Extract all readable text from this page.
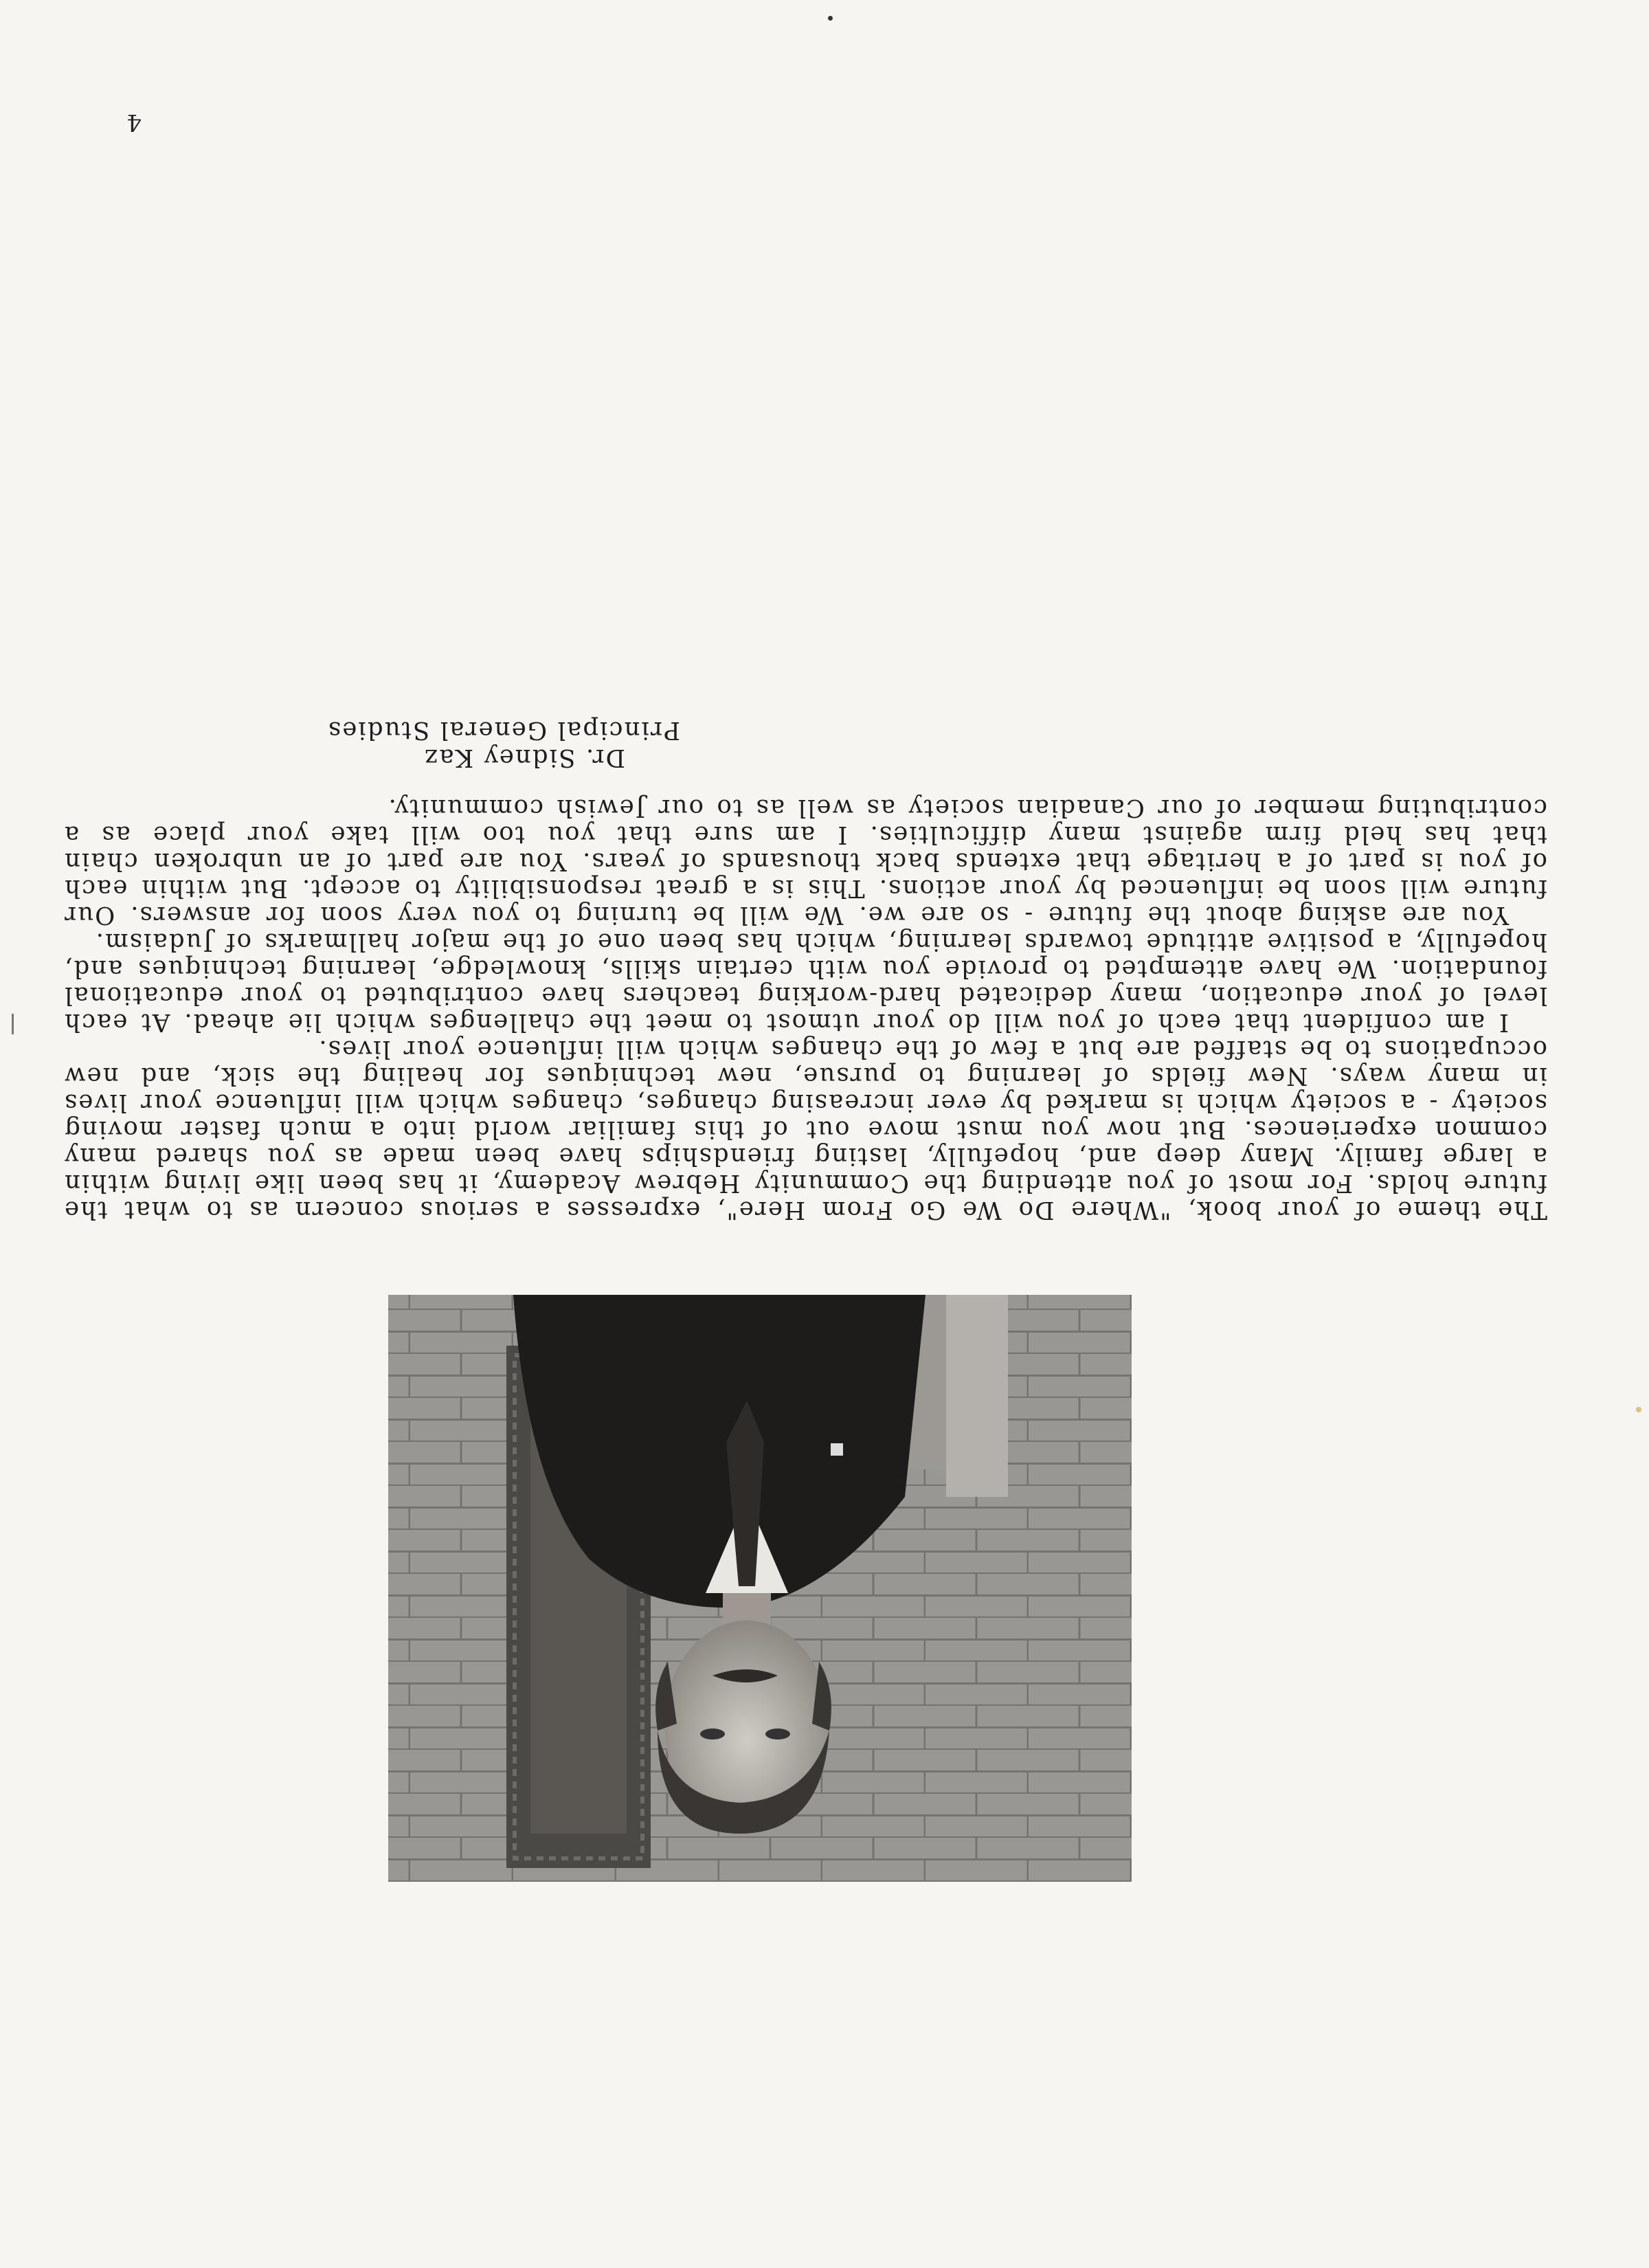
4

The theme of your book, "Where Do We Go From Here", expresses a serious concern as to what the future holds. For most of you attending the Community Hebrew Academy, it has been like living within a large family. Many deep and, hopefully, lasting friendships have been made as you shared many common experiences. But now you must move out of this familiar world into a much faster moving society - a society which is marked by ever increasing changes, changes which will influence your lives in many ways. New fields of learning to pursue, new techniques for healing the sick, and new occupations to be staffed are but a few of the changes which will influence your lives.

I am confident that each of you will do your utmost to meet the challenges which lie ahead. At each level of your education, many dedicated hard-working teachers have contributed to your educational foundation. We have attempted to provide you with certain skills, knowledge, learning techniques and, hopefully, a positive attitude towards learning, which has been one of the major hallmarks of Judaism.

You are asking about the future - so are we. We will be turning to you very soon for answers. Our future will soon be influenced by your actions. This is a great responsibility to accept. But within each of you is part of a heritage that extends back thousands of years. You are part of an unbroken chain that has held firm against many difficulties. I am sure that you too will take your place as a contributing member of our Canadian society as well as to our Jewish community.

Dr. Sidney Kaz
Principal General Studies
